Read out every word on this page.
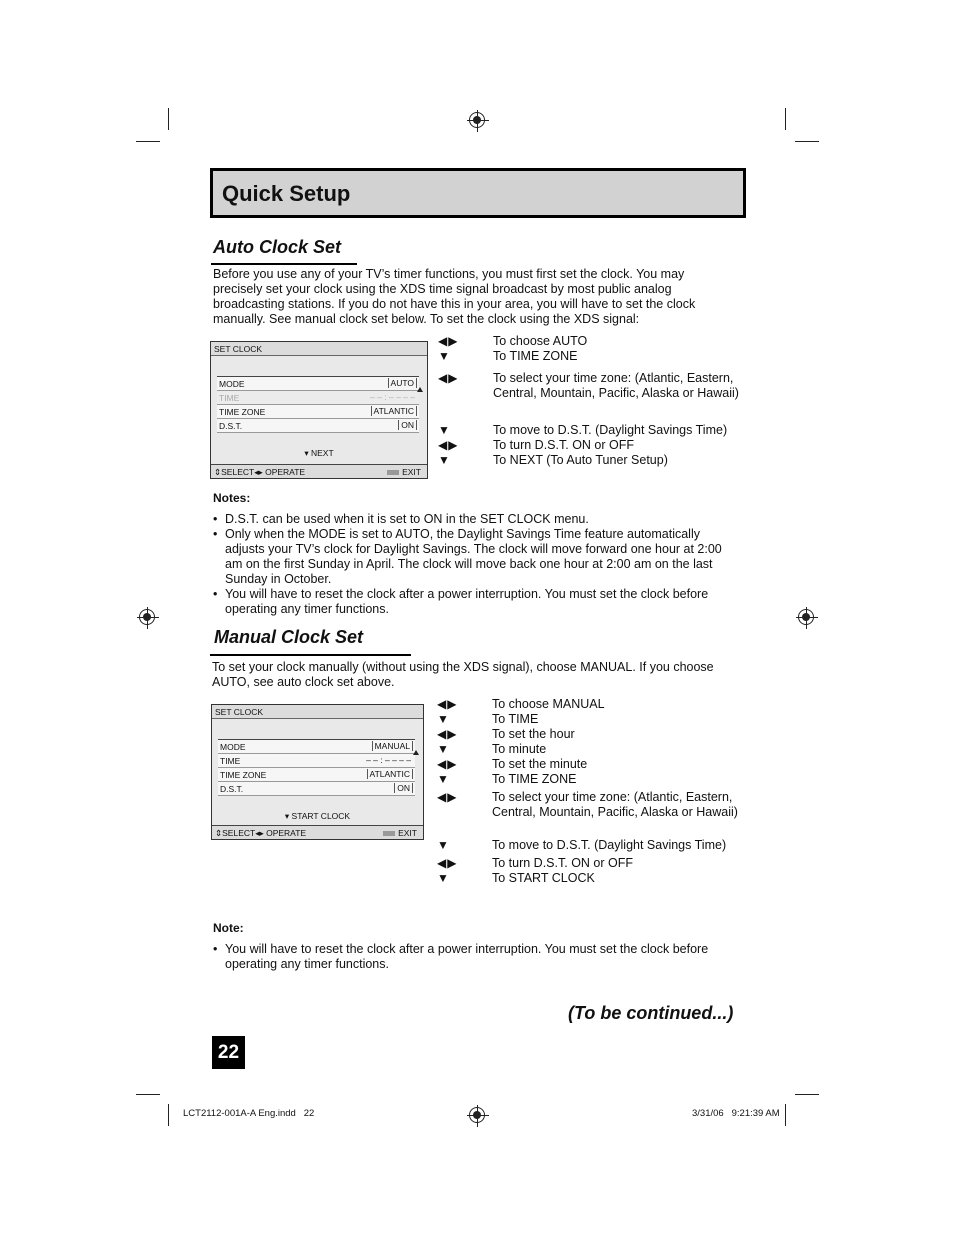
Quick Setup
Auto Clock Set
Before you use any of your TV’s timer functions, you must first set the clock. You may precisely set your clock using the XDS time signal broadcast by most public analog broadcasting stations. If you do not have this in your area, you will have to set the clock manually. See manual clock set below. To set the clock using the XDS signal:
SET CLOCK
MODE	AUTO
TIME	– – : – – – –
TIME ZONE	ATLANTIC
D.S.T.	ON
▾ NEXT
⇕SELECT◂▸ OPERATE	EXIT
◀▶	To choose AUTO
▼	To TIME ZONE
◀▶	To select your time zone: (Atlantic, Eastern, Central, Mountain, Pacific, Alaska or Hawaii)
▼	To move to D.S.T. (Daylight Savings Time)
◀▶	To turn D.S.T. ON or OFF
▼	To NEXT (To Auto Tuner Setup)
Notes:
• D.S.T. can be used when it is set to ON in the SET CLOCK menu.
• Only when the MODE is set to AUTO, the Daylight Savings Time feature automatically adjusts your TV’s clock for Daylight Savings. The clock will move forward one hour at 2:00 am on the first Sunday in April. The clock will move back one hour at 2:00 am on the last Sunday in October.
• You will have to reset the clock after a power interruption. You must set the clock before operating any timer functions.
Manual Clock Set
To set your clock manually (without using the XDS signal), choose MANUAL. If you choose AUTO, see auto clock set above.
SET CLOCK
MODE	MANUAL
TIME	– – : – – – –
TIME ZONE	ATLANTIC
D.S.T.	ON
▾ START CLOCK
⇕SELECT◂▸ OPERATE	EXIT
◀▶	To choose MANUAL
▼	To TIME
◀▶	To set the hour
▼	To minute
◀▶	To set the minute
▼	To TIME ZONE
◀▶	To select your time zone: (Atlantic, Eastern, Central, Mountain, Pacific, Alaska or Hawaii)
▼	To move to D.S.T. (Daylight Savings Time)
◀▶	To turn D.S.T. ON or OFF
▼	To START CLOCK
Note:
• You will have to reset the clock after a power interruption. You must set the clock before operating any timer functions.
(To be continued...)
22
LCT2112-001A-A Eng.indd   22	3/31/06   9:21:39 AM
